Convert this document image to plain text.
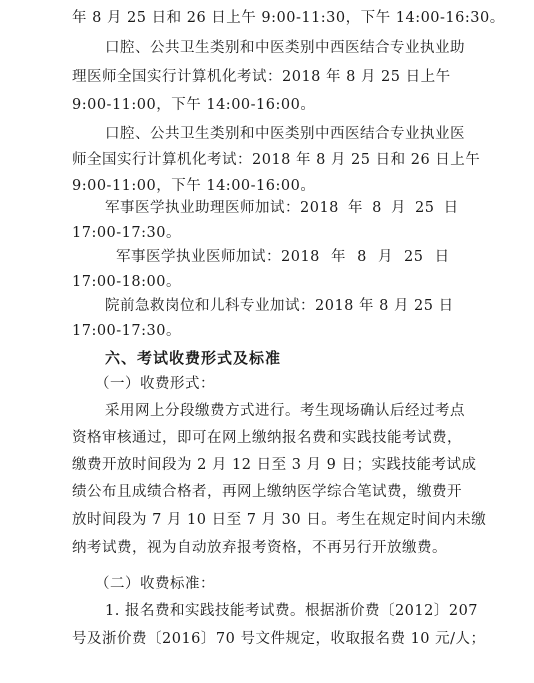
年 8 月 25 日和 26 日上午 9:00-11:30，下午 14:00-16:30。
口腔、公共卫生类别和中医类别中西医结合专业执业助
理医师全国实行计算机化考试：2018 年 8 月 25 日上午
9:00-11:00，下午 14:00-16:00。
口腔、公共卫生类别和中医类别中西医结合专业执业医
师全国实行计算机化考试：2018 年 8 月 25 日和 26 日上午
9:00-11:00，下午 14:00-16:00。
军事医学执业助理医师加试：2018 年 8 月 25 日
17:00-17:30。
军事医学执业医师加试：2018 年 8 月 25 日
17:00-18:00。
院前急救岗位和儿科专业加试：2018 年 8 月 25 日
17:00-17:30。
六、考试收费形式及标准
（一）收费形式：
采用网上分段缴费方式进行。考生现场确认后经过考点
资格审核通过，即可在网上缴纳报名费和实践技能考试费，
缴费开放时间段为 2 月 12 日至 3 月 9 日；实践技能考试成
绩公布且成绩合格者，再网上缴纳医学综合笔试费，缴费开
放时间段为 7 月 10 日至 7 月 30 日。考生在规定时间内未缴
纳考试费，视为自动放弃报考资格，不再另行开放缴费。
（二）收费标准：
1. 报名费和实践技能考试费。根据浙价费〔2012〕207
号及浙价费〔2016〕70 号文件规定，收取报名费 10 元/人；
